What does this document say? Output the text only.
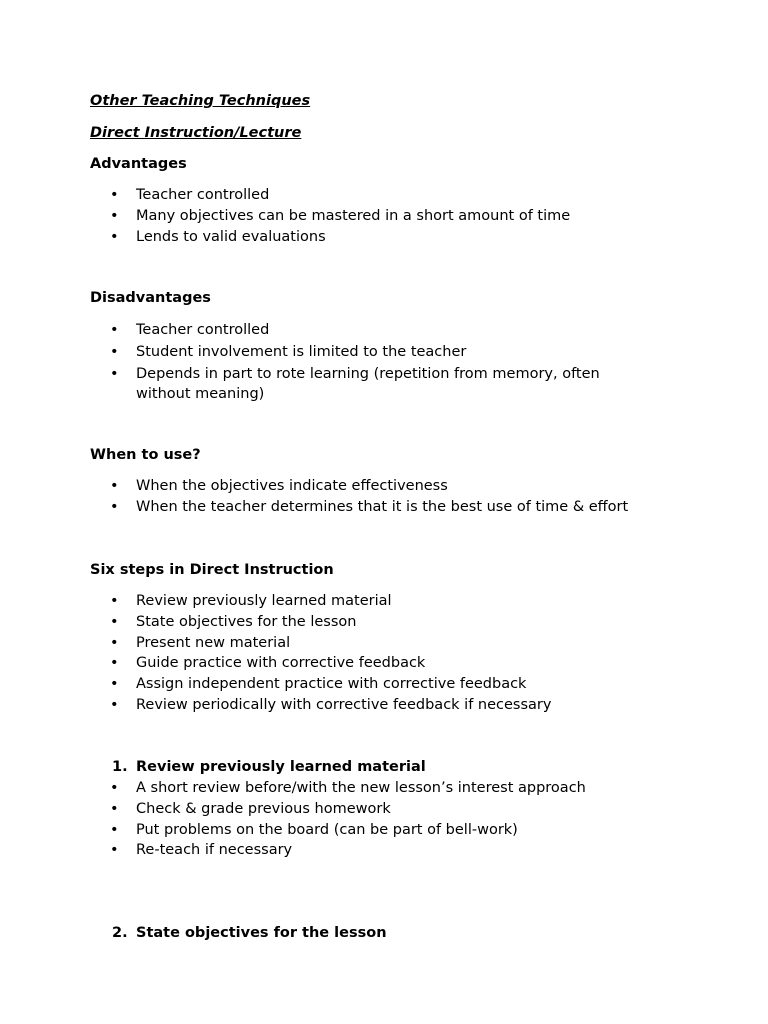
Other Teaching Techniques

Direct Instruction/Lecture

Advantages

• Teacher controlled
• Many objectives can be mastered in a short amount of time
• Lends to valid evaluations

Disadvantages

• Teacher controlled
• Student involvement is limited to the teacher
• Depends in part to rote learning (repetition from memory, often without meaning)

When to use?

• When the objectives indicate effectiveness
• When the teacher determines that it is the best use of time & effort

Six steps in Direct Instruction

• Review previously learned material
• State objectives for the lesson
• Present new material
• Guide practice with corrective feedback
• Assign independent practice with corrective feedback
• Review periodically with corrective feedback if necessary
1. Review previously learned material
• A short review before/with the new lesson’s interest approach
• Check & grade previous homework
• Put problems on the board (can be part of bell-work)
• Re-teach if necessary
2. State objectives for the lesson
